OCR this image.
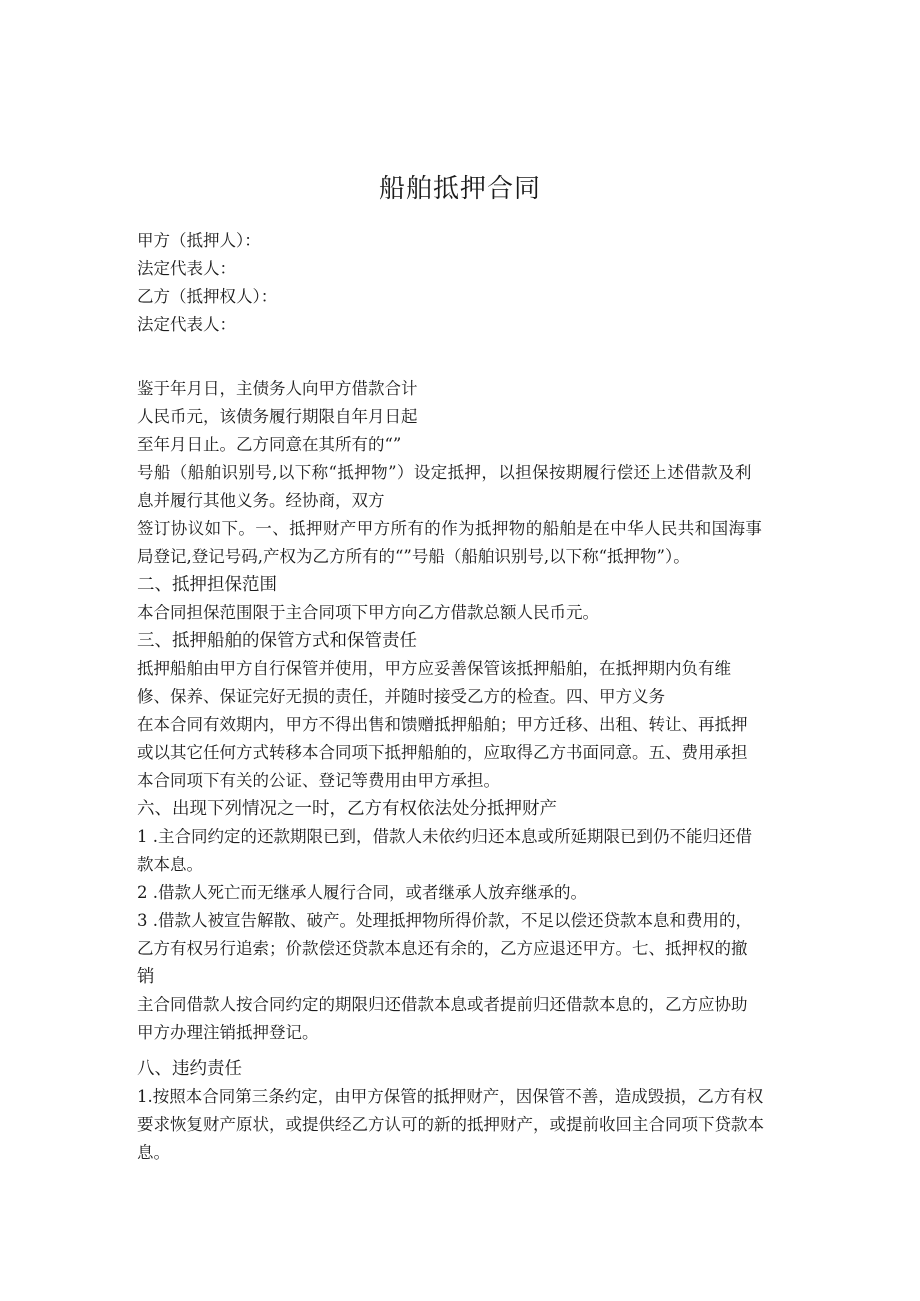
船舶抵押合同
甲方（抵押人）：
法定代表人：
乙方（抵押权人）：
法定代表人：
鉴于年月日，主债务人向甲方借款合计
人民币元，该债务履行期限自年月日起
至年月日止。乙方同意在其所有的“”
号船（船舶识别号,以下称“抵押物”）设定抵押，以担保按期履行偿还上述借款及利
息并履行其他义务。经协商，双方
签订协议如下。一、抵押财产甲方所有的作为抵押物的船舶是在中华人民共和国海事
局登记,登记号码,产权为乙方所有的“”号船（船舶识别号,以下称“抵押物”）。
二、抵押担保范围
本合同担保范围限于主合同项下甲方向乙方借款总额人民币元。
三、抵押船舶的保管方式和保管责任
抵押船舶由甲方自行保管并使用，甲方应妥善保管该抵押船舶，在抵押期内负有维
修、保养、保证完好无损的责任，并随时接受乙方的检查。四、甲方义务
在本合同有效期内，甲方不得出售和馈赠抵押船舶；甲方迁移、出租、转让、再抵押
或以其它任何方式转移本合同项下抵押船舶的，应取得乙方书面同意。五、费用承担
本合同项下有关的公证、登记等费用由甲方承担。
六、出现下列情况之一时，乙方有权依法处分抵押财产
1 .主合同约定的还款期限已到，借款人未依约归还本息或所延期限已到仍不能归还借
款本息。
2 .借款人死亡而无继承人履行合同，或者继承人放弃继承的。
3 .借款人被宣告解散、破产。处理抵押物所得价款，不足以偿还贷款本息和费用的，
乙方有权另行追索；价款偿还贷款本息还有余的，乙方应退还甲方。七、抵押权的撤
销
主合同借款人按合同约定的期限归还借款本息或者提前归还借款本息的，乙方应协助
甲方办理注销抵押登记。
八、违约责任
1.按照本合同第三条约定，由甲方保管的抵押财产，因保管不善，造成毁损，乙方有权
要求恢复财产原状，或提供经乙方认可的新的抵押财产，或提前收回主合同项下贷款本
息。
